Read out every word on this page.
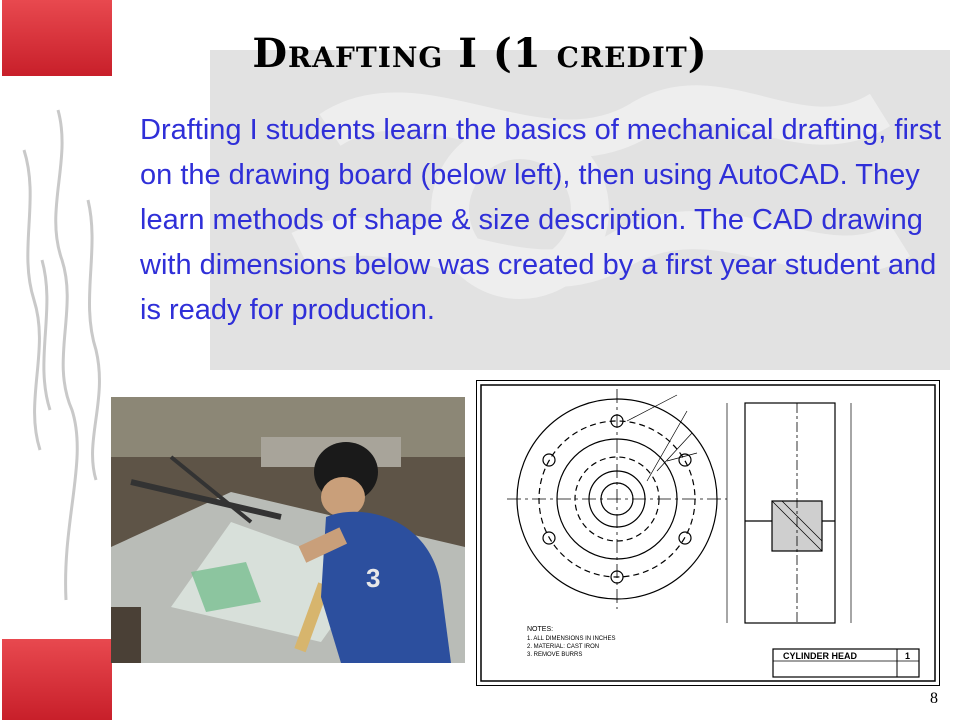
Drafting I (1 credit)

Drafting I students learn the basics of mechanical drafting, first on the drawing board (below left), then using AutoCAD. They learn methods of shape & size description. The CAD drawing with dimensions below was created by a first year student and is ready for production.

3
NOTES:
1. ALL DIMENSIONS IN INCHES
2. MATERIAL: CAST IRON
3. REMOVE BURRS	CYLINDER HEAD	1
8
